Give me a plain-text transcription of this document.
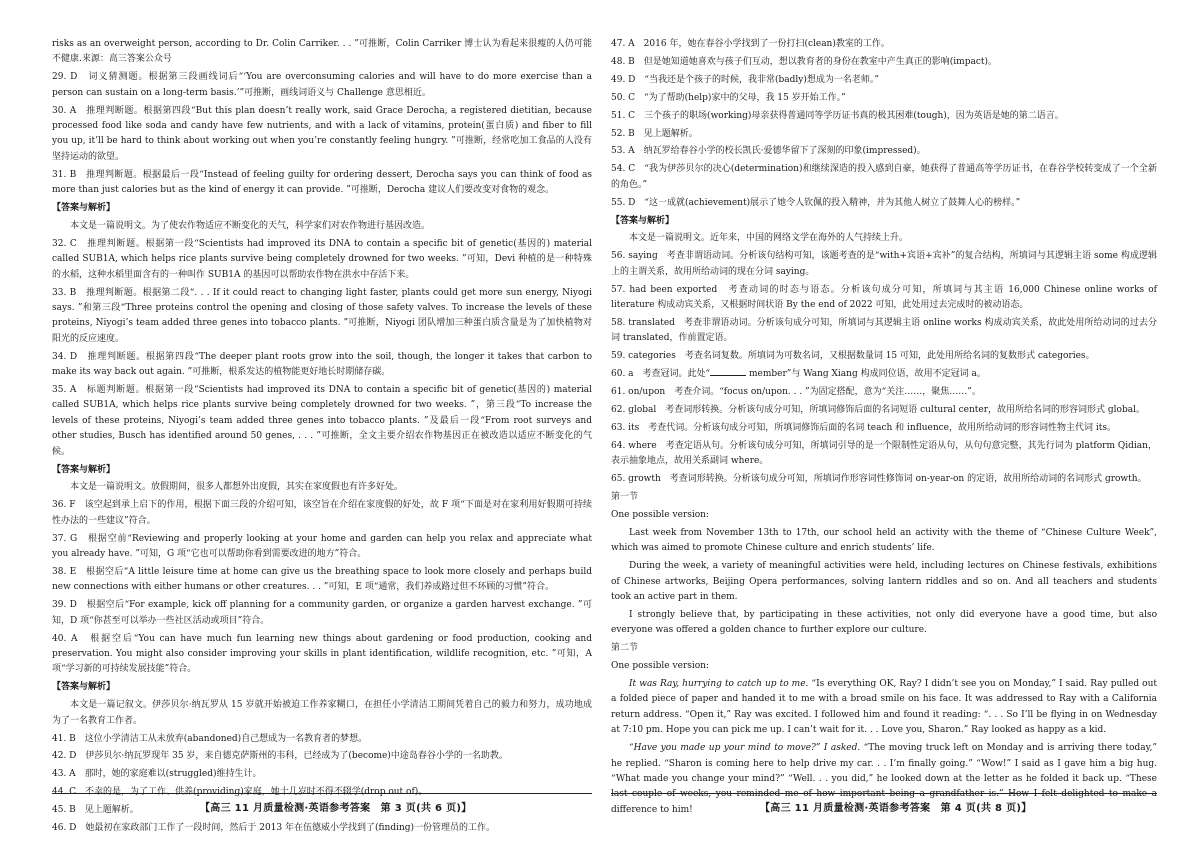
risks as an overweight person, according to Dr. Colin Carriker. . . ”可推断，Colin Carriker 博士认为看起来很瘦的人仍可能不健康.来源：高三答案公众号

29. D　词义猜测题。根据第三段画线词后“‘You are overconsuming calories and will have to do more exercise than a person can sustain on a long-term basis.’”可推断，画线词语义与 Challenge 意思相近。

30. A　推理判断题。根据第四段“But this plan doesn’t really work, said Grace Derocha, a registered dietitian, because processed food like soda and candy have few nutrients, and with a lack of vitamins, protein(蛋白质) and fiber to fill you up, it’ll be hard to think about working out when you’re constantly feeling hungry. ”可推断，经常吃加工食品的人没有坚持运动的欲望。

31. B　推理判断题。根据最后一段“Instead of feeling guilty for ordering dessert, Derocha says you can think of food as more than just calories but as the kind of energy it can provide. ”可推断，Derocha 建议人们要改变对食物的观念。

【答案与解析】

本文是一篇说明文。为了使农作物适应不断变化的天气，科学家们对农作物进行基因改造。

32. C　推理判断题。根据第一段“Scientists had improved its DNA to contain a specific bit of genetic(基因的) material called SUB1A, which helps rice plants survive being completely drowned for two weeks. ”可知，Devi 种植的是一种特殊的水稻，这种水稻里面含有的一种叫作 SUB1A 的基因可以帮助农作物在洪水中存活下来。

33. B　推理判断题。根据第二段“. . . If it could react to changing light faster, plants could get more sun energy, Niyogi says. ”和第三段“Three proteins control the opening and closing of those safety valves. To increase the levels of these proteins, Niyogi’s team added three genes into tobacco plants. ”可推断，Niyogi 团队增加三种蛋白质含量是为了加快植物对阳光的反应速度。

34. D　推理判断题。根据第四段“The deeper plant roots grow into the soil, though, the longer it takes that carbon to make its way back out again. ”可推断，根系发达的植物能更好地长时期储存碳。

35. A　标题判断题。根据第一段“Scientists had improved its DNA to contain a specific bit of genetic(基因的) material called SUB1A, which helps rice plants survive being completely drowned for two weeks. ”，第三段“To increase the levels of these proteins, Niyogi’s team added three genes into tobacco plants. ”及最后一段“From root surveys and other studies, Busch has identified around 50 genes, . . . ”可推断，全文主要介绍农作物基因正在被改造以适应不断变化的气候。

【答案与解析】

本文是一篇说明文。放假期间，很多人都想外出度假，其实在家度假也有许多好处。

36. F　该空起到承上启下的作用，根据下面三段的介绍可知，该空旨在介绍在家度假的好处，故 F 项“下面是对在家利用好假期可持续性办法的一些建议”符合。

37. G　根据空前“Reviewing and properly looking at your home and garden can help you relax and appreciate what you already have. ”可知，G 项“它也可以帮助你看到需要改进的地方”符合。

38. E　根据空后“A little leisure time at home can give us the breathing space to look more closely and perhaps build new connections with either humans or other creatures. . . ”可知，E 项“通常，我们养成路过但不环顾的习惯”符合。

39. D　根据空后“For example, kick off planning for a community garden, or organize a garden harvest exchange. ”可知，D 项“你甚至可以举办一些社区活动或项目”符合。

40. A　根据空后“You can have much fun learning new things about gardening or food production, cooking and preservation. You might also consider improving your skills in plant identification, wildlife recognition, etc. ”可知，A 项“学习新的可持续发展技能”符合。

【答案与解析】

本文是一篇记叙文。伊莎贝尔·纳瓦罗从 15 岁就开始被迫工作养家糊口，在担任小学清洁工期间凭着自己的毅力和努力，成功地成为了一名教育工作者。

41. B　这位小学清洁工从未放弃(abandoned)自己想成为一名教育者的梦想。

42. D　伊莎贝尔·纳瓦罗现年 35 岁，来自德克萨斯州的韦科，已经成为了(become)中途岛春谷小学的一名助教。

43. A　那时，她的家庭难以(struggled)维持生计。

44. C　不幸的是，为了工作、供养(providing)家庭，她十几岁时不得不辍学(drop out of)。

45. B　见上题解析。

46. D　她最初在家政部门工作了一段时间，然后于 2013 年在伍德威小学找到了(finding)一份管理员的工作。

47. A　2016 年，她在春谷小学找到了一份打扫(clean)教室的工作。

48. B　但是她知道她喜欢与孩子们互动，想以教育者的身份在教室中产生真正的影响(impact)。

49. D　“当我还是个孩子的时候，我非常(badly)想成为一名老师。”

50. C　“为了帮助(help)家中的父母，我 15 岁开始工作。”

51. C　三个孩子的职场(working)母亲获得普通同等学历证书真的极其困难(tough)，因为英语是她的第二语言。

52. B　见上题解析。

53. A　纳瓦罗给春谷小学的校长凯氏·爱德华留下了深刻的印象(impressed)。

54. C　“我为伊莎贝尔的决心(determination)和继续深造的投入感到自豪，她获得了普通高等学历证书，在春谷学校转变成了一个全新的角色。”

55. D　“这一成就(achievement)展示了她令人钦佩的投入精神，并为其他人树立了鼓舞人心的榜样。”

【答案与解析】

本文是一篇说明文。近年来，中国的网络文学在海外的人气持续上升。

56. saying　考查非谓语动词。分析该句结构可知，该题考查的是“with+宾语+宾补”的复合结构，所填词与其逻辑主语 some 构成逻辑上的主谓关系，故用所给动词的现在分词 saying。

57. had been exported　考查动词的时态与语态。分析该句成分可知，所填词与其主语 16,000 Chinese online works of literature 构成动宾关系，又根据时间状语 By the end of 2022 可知，此处用过去完成时的被动语态。

58. translated　考查非谓语动词。分析该句成分可知，所填词与其逻辑主语 online works 构成动宾关系，故此处用所给动词的过去分词 translated，作前置定语。

59. categories　考查名词复数。所填词为可数名词，又根据数量词 15 可知，此处用所给名词的复数形式 categories。

60. a　考查冠词。此处“	member”与 Wang Xiang 构成同位语，故用不定冠词 a。

61. on/upon　考查介词。“focus on/upon. . . ”为固定搭配，意为“关注……，聚焦……”。

62. global　考查词形转换。分析该句成分可知，所填词修饰后面的名词短语 cultural center，故用所给名词的形容词形式 global。

63. its　考查代词。分析该句成分可知，所填词修饰后面的名词 teach 和 influence，故用所给动词的形容词性物主代词 its。

64. where　考查定语从句。分析该句成分可知，所填词引导的是一个限制性定语从句，从句句意完整，其先行词为 platform Qidian，表示抽象地点，故用关系副词 where。

65. growth　考查词形转换。分析该句成分可知，所填词作形容词性修饰词 on-year-on 的定语，故用所给动词的名词形式 growth。

第一节

One possible version:

Last week from November 13th to 17th, our school held an activity with the theme of “Chinese Culture Week”, which was aimed to promote Chinese culture and enrich students’ life.

During the week, a variety of meaningful activities were held, including lectures on Chinese festivals, exhibitions of Chinese artworks, Beijing Opera performances, solving lantern riddles and so on. And all teachers and students took an active part in them.

I strongly believe that, by participating in these activities, not only did everyone have a good time, but also everyone was offered a golden chance to further explore our culture.

第二节

One possible version:

It was Ray, hurrying to catch up to me. “Is everything OK, Ray? I didn’t see you on Monday,” I said. Ray pulled out a folded piece of paper and handed it to me with a broad smile on his face. It was addressed to Ray with a California return address. “Open it,” Ray was excited. I followed him and found it reading: “. . . So I’ll be flying in on Wednesday at 7:10 pm. Hope you can pick me up. I can’t wait for it. . . Love you, Sharon.” Ray looked as happy as a kid.

“Have you made up your mind to move?” I asked. “The moving truck left on Monday and is arriving there today,” he replied. “Sharon is coming here to help drive my car. . . I’m finally going.” “Wow!” I said as I gave him a big hug. “What made you change your mind?” “Well. . . you did,” he looked down at the letter as he folded it back up. “These last couple of weeks, you reminded me of how important being a grandfather is.” How I felt delighted to make a difference to him!

【高三 11 月质量检测·英语参考答案　第 3 页(共 6 页)】	【高三 11 月质量检测·英语参考答案　第 4 页(共 8 页)】
